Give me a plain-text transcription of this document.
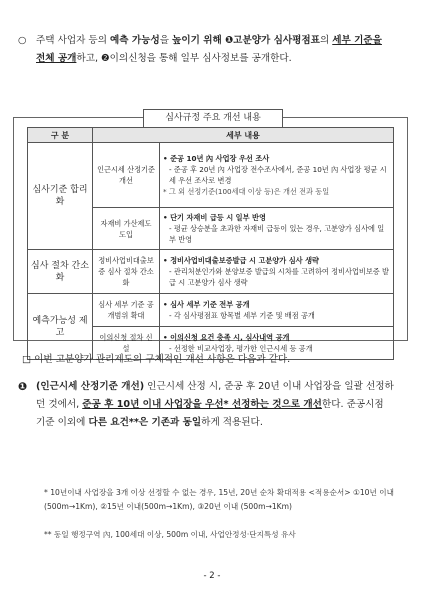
○ 주택 사업자 등의 예측 가능성을 높이기 위해 ❶고분양가 심사평점표의 세부 기준을 전체 공개하고, ❷이의신청을 통해 일부 심사정보를 공개한다.
심사규정 주요 개선 내용
구 분	세부 내용	
심사기준 합리화	인근시세 산정기준 개선	• 준공 10년 內 사업장 우선 조사
- 준공 후 20년 內 사업장 전수조사에서, 준공 10년 內 사업장 평균 시세 우선 조사로 변경
* 그 외 선정기준(100세대 이상 등)은 개선 전과 동일

	자재비 가산제도 도입	• 단기 자재비 급등 시 일부 반영
- 평균 상승분을 초과한 자재비 급등이 있는 경우, 고분양가 심사에 일부 반영

심사 절차 간소화	정비사업비대출보증 심사 절차 간소화	• 정비사업비대출보증발급 시 고분양가 심사 생략
- 관리처분인가와 분양보증 발급의 시차를 고려하여 정비사업비보증 발급 시 고분양가 심사 생략

예측가능성 제고	심사 세부 기준 공개범위 확대	• 심사 세부 기준 전부 공개
- 각 심사평점표 항목별 세부 기준 및 배점 공개

	이의신청 절차 신설	• 이의신청 요건 충족 시, 심사내역 공개
- 선정한 비교사업장, 평가한 인근시세 등 공개
□ 이번 고분양가 관리제도의 구체적인 개선 사항은 다음과 같다.
❶ (인근시세 산정기준 개선) 인근시세 산정 시, 준공 후 20년 이내 사업장을 일괄 선정하던 것에서, 준공 후 10년 이내 사업장을 우선* 선정하는 것으로 개선한다. 준공시점 기준 이외에 다른 요건**은 기존과 동일하게 적용된다.
* 10년이내 사업장을 3개 이상 선정할 수 없는 경우, 15년, 20년 순차 확대적용 <적용순서> ①10년 이내(500m→1Km), ②15년 이내(500m→1Km), ③20년 이내 (500m→1Km)
** 동일 행정구역 內, 100세대 이상, 500m 이내, 사업안정성·단지특성 유사
- 2 -
